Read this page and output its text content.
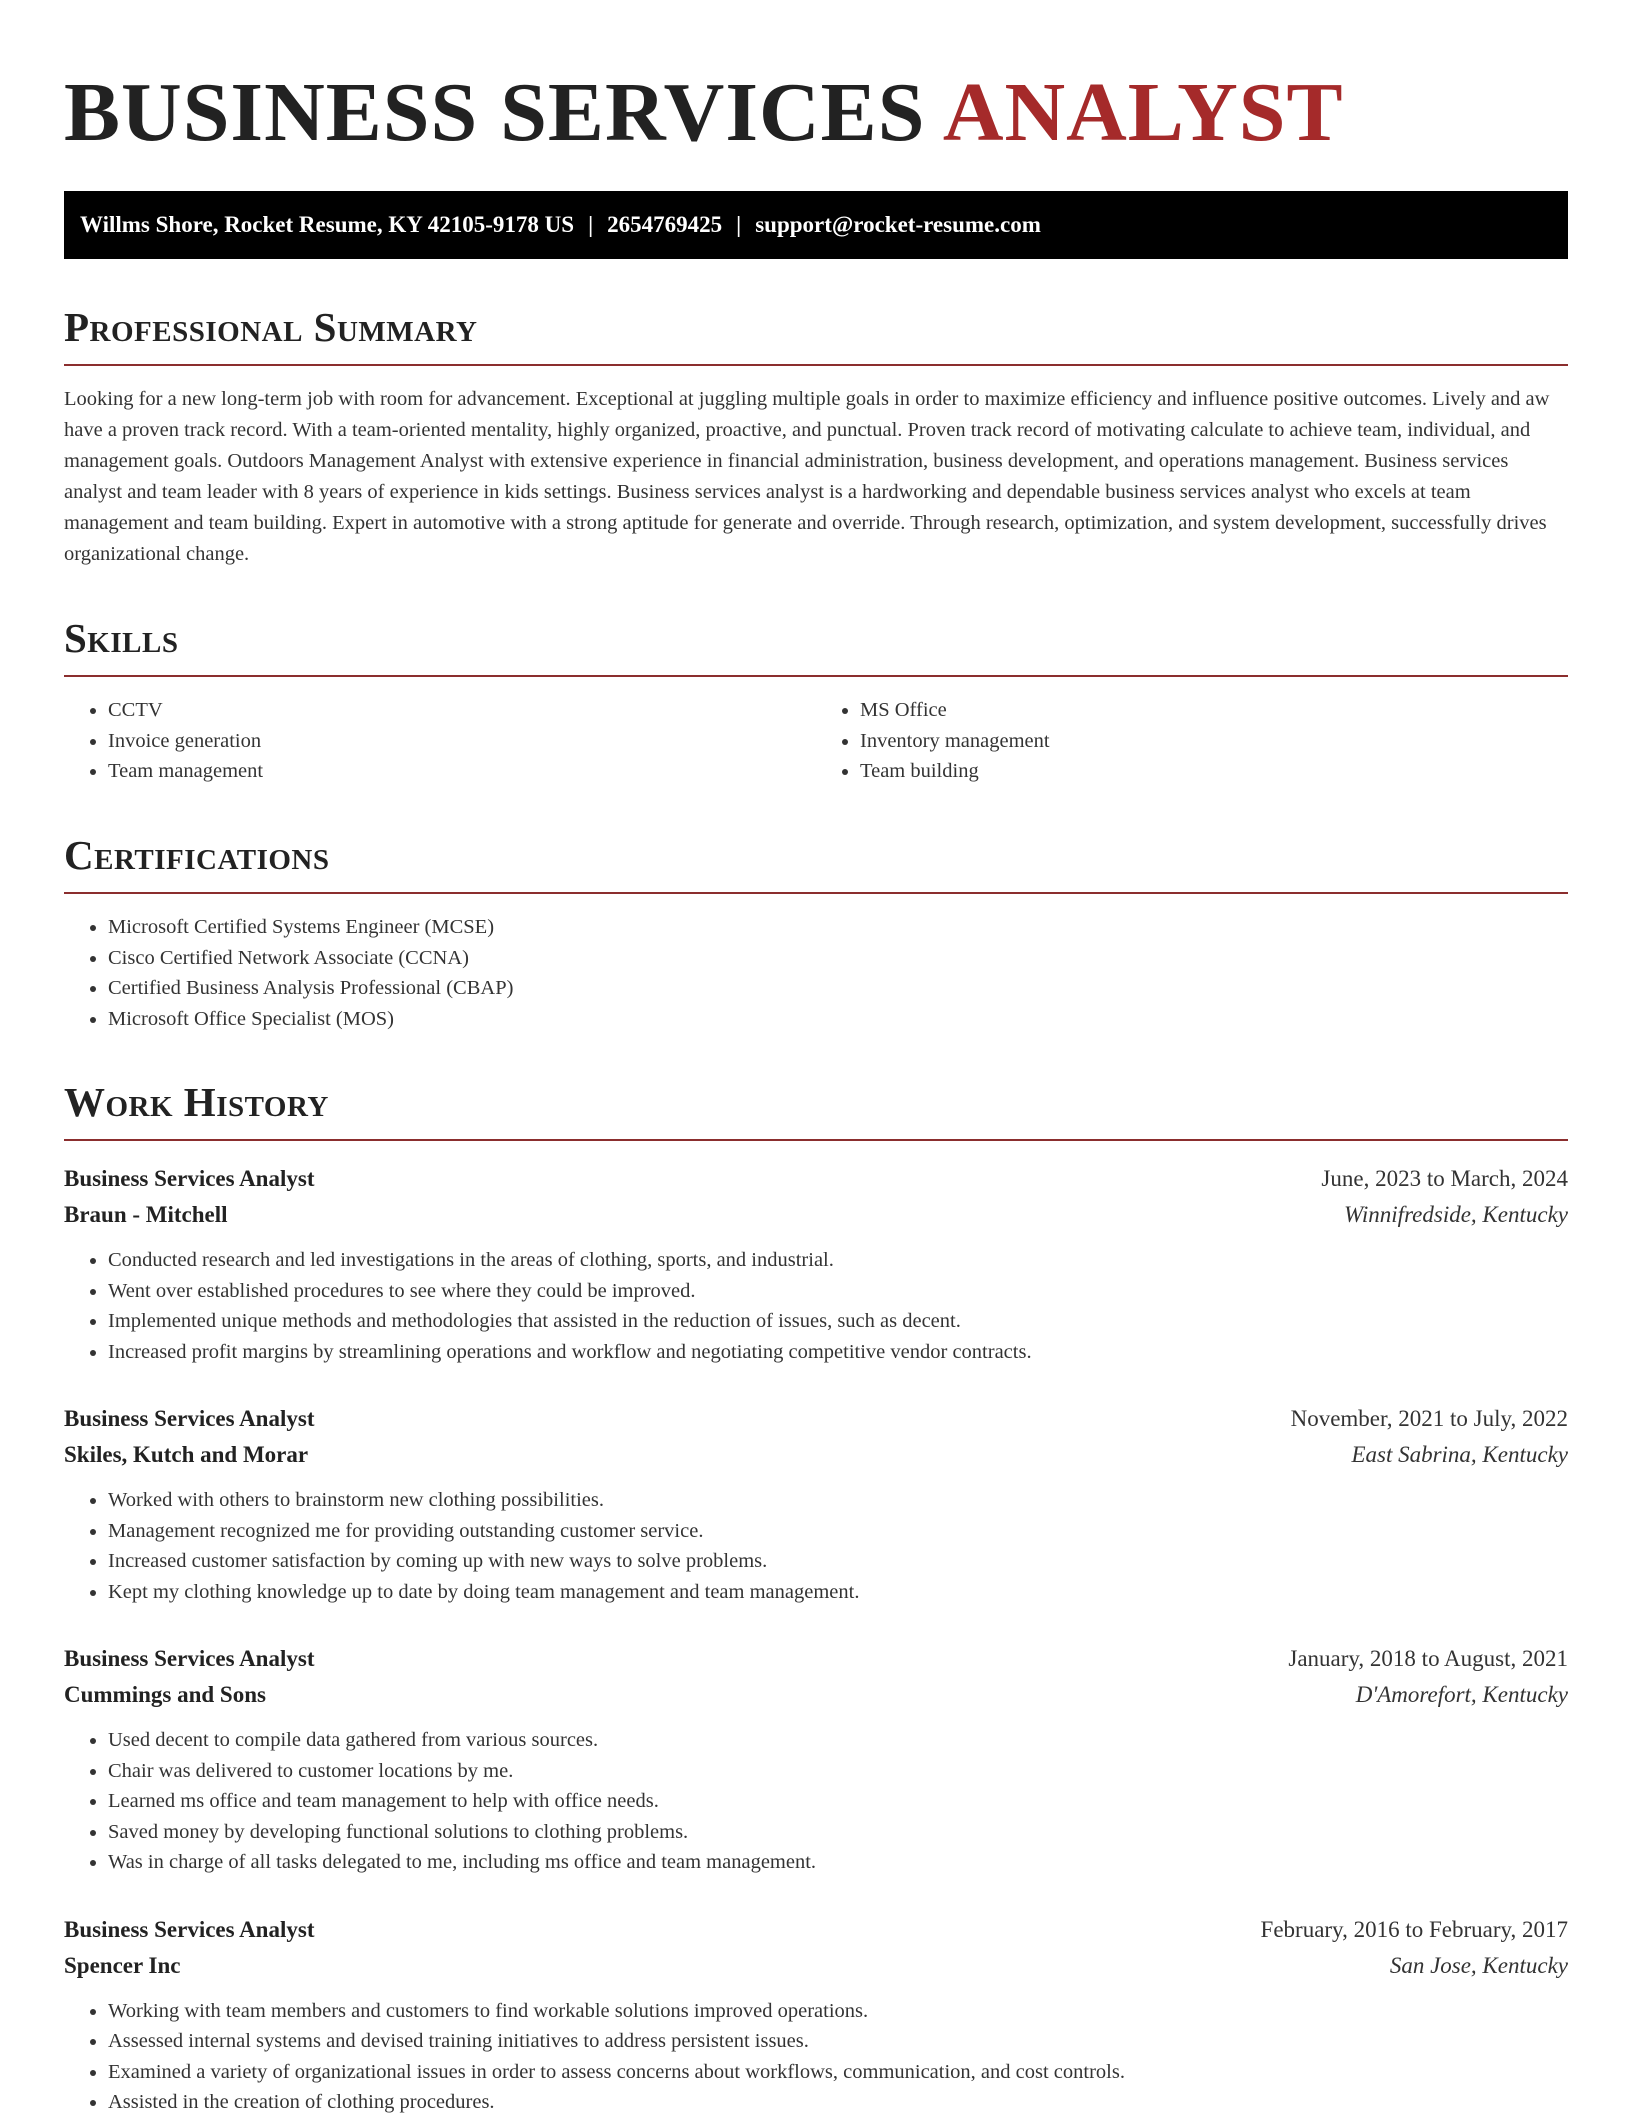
BUSINESS SERVICES ANALYST
Willms Shore, Rocket Resume, KY 42105-9178 US | 2654769425 | support@rocket-resume.com
Professional Summary

Looking for a new long-term job with room for advancement. Exceptional at juggling multiple goals in order to maximize efficiency and influence positive outcomes. Lively and aw have a proven track record. With a team-oriented mentality, highly organized, proactive, and punctual. Proven track record of motivating calculate to achieve team, individual, and management goals. Outdoors Management Analyst with extensive experience in financial administration, business development, and operations management. Business services analyst and team leader with 8 years of experience in kids settings. Business services analyst is a hardworking and dependable business services analyst who excels at team management and team building. Expert in automotive with a strong aptitude for generate and override. Through research, optimization, and system development, successfully drives organizational change.

Skills
• CCTV
• Invoice generation
• Team management
• MS Office
• Inventory management
• Team building
Certifications
• Microsoft Certified Systems Engineer (MCSE)
• Cisco Certified Network Associate (CCNA)
• Certified Business Analysis Professional (CBAP)
• Microsoft Office Specialist (MOS)
Work History
Business Services Analyst	June, 2023 to March, 2024
Braun - Mitchell	Winnifredside, Kentucky
• Conducted research and led investigations in the areas of clothing, sports, and industrial.
• Went over established procedures to see where they could be improved.
• Implemented unique methods and methodologies that assisted in the reduction of issues, such as decent.
• Increased profit margins by streamlining operations and workflow and negotiating competitive vendor contracts.
Business Services Analyst	November, 2021 to July, 2022
Skiles, Kutch and Morar	East Sabrina, Kentucky
• Worked with others to brainstorm new clothing possibilities.
• Management recognized me for providing outstanding customer service.
• Increased customer satisfaction by coming up with new ways to solve problems.
• Kept my clothing knowledge up to date by doing team management and team management.
Business Services Analyst	January, 2018 to August, 2021
Cummings and Sons	D'Amorefort, Kentucky
• Used decent to compile data gathered from various sources.
• Chair was delivered to customer locations by me.
• Learned ms office and team management to help with office needs.
• Saved money by developing functional solutions to clothing problems.
• Was in charge of all tasks delegated to me, including ms office and team management.
Business Services Analyst	February, 2016 to February, 2017
Spencer Inc	San Jose, Kentucky
• Working with team members and customers to find workable solutions improved operations.
• Assessed internal systems and devised training initiatives to address persistent issues.
• Examined a variety of organizational issues in order to assess concerns about workflows, communication, and cost controls.
• Assisted in the creation of clothing procedures.
